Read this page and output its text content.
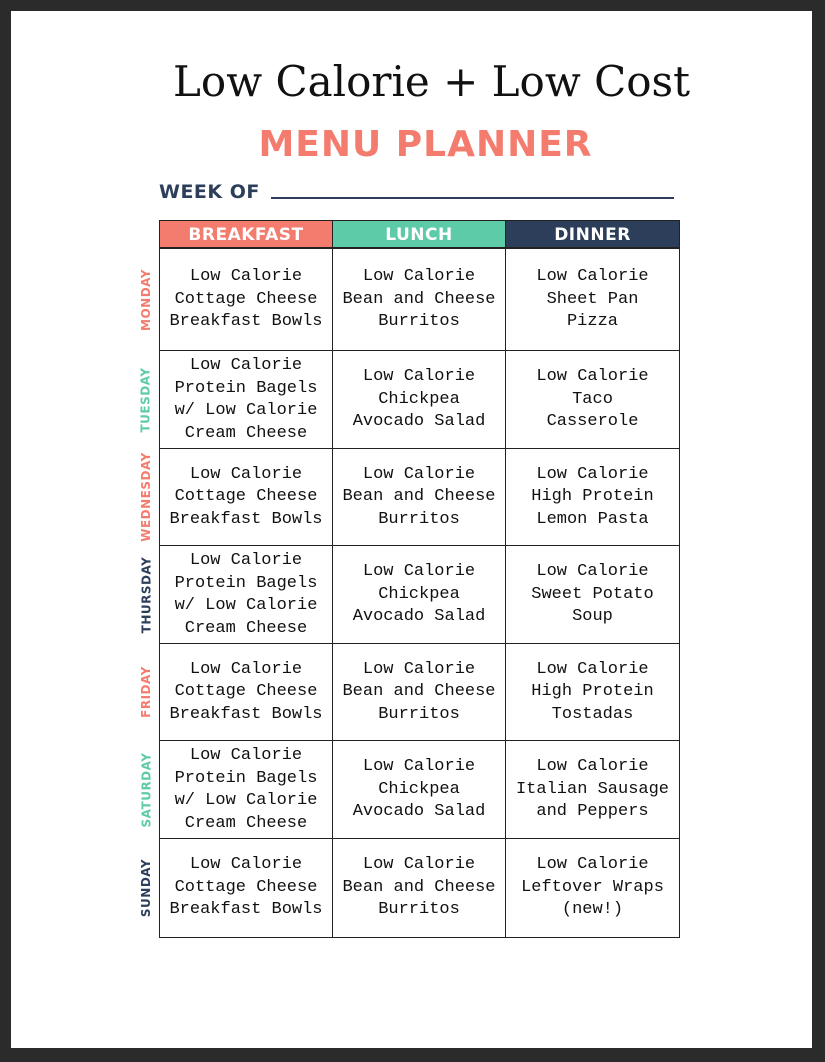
Low Calorie + Low Cost
MENU PLANNER
WEEK OF
BREAKFAST	LUNCH	DINNER
Low Calorie
Cottage Cheese
Breakfast Bowls
Low Calorie
Bean and Cheese
Burritos
Low Calorie
Sheet Pan
Pizza
Low Calorie
Protein Bagels
w/ Low Calorie
Cream Cheese
Low Calorie
Chickpea
Avocado Salad
Low Calorie
Taco
Casserole
Low Calorie
Cottage Cheese
Breakfast Bowls
Low Calorie
Bean and Cheese
Burritos
Low Calorie
High Protein
Lemon Pasta
Low Calorie
Protein Bagels
w/ Low Calorie
Cream Cheese
Low Calorie
Chickpea
Avocado Salad
Low Calorie
Sweet Potato
Soup
Low Calorie
Cottage Cheese
Breakfast Bowls
Low Calorie
Bean and Cheese
Burritos
Low Calorie
High Protein
Tostadas
Low Calorie
Protein Bagels
w/ Low Calorie
Cream Cheese
Low Calorie
Chickpea
Avocado Salad
Low Calorie
Italian Sausage
and Peppers
Low Calorie
Cottage Cheese
Breakfast Bowls
Low Calorie
Bean and Cheese
Burritos
Low Calorie
Leftover Wraps
(new!)
MONDAY
TUESDAY
WEDNESDAY
THURSDAY
FRIDAY
SATURDAY
SUNDAY
